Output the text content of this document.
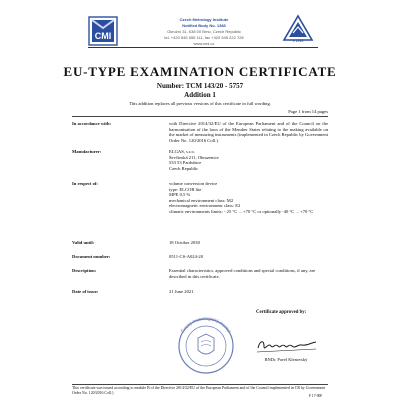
CMI
Czech Metrology Institute
Notified Body No. 1383
Okružní 31, 638 00 Brno, Czech Republic
tel. +420 545 555 111, fax +420 545 222 728
www.cmi.cz	V 2112
EU-TYPE EXAMINATION CERTIFICATE
Number: TCM 143/20 - 5757
Addition 1
This addition replaces all previous versions of this certificate in full wording.
Page 1 from 14 pages
In accordance with:	with Directive 2014/32/EU of the European Parliament and of the Council on the harmonisation of the laws of the Member States relating to the making available on the market of measuring instruments (implemented in Czech Republic by Government Order No. 120/2016 Coll.).
Manufacturer:	ELGAS, s.r.o.
Ševčinská 211, Ohrazenice
533 53 Pardubice
Czech Republic
In respect of:	volume conversion device
type: ELCOR lite
MPE 0,5 %
mechanical environment class: M2
electromagnetic environment class: E2
climatic environments limits: - 25 °C ... +70 °C or optionally -40 °C ... +70 °C
Valid until:	18 October 2030
Document number:	0511-CS-A024-20
Description:	Essential characteristics, approved conditions and special conditions, if any, are described in this certificate.
Date of issue:	21 June 2021
Certificate approved by:
Český metrologický institut
RNDr. Pavel Klenovský
This certificate was issued according to module B of the Directive 2014/32/EU of the European Parliament and of the Council implemented in CR by Government Order No. 120/2016 Coll.)
F 17-00F
